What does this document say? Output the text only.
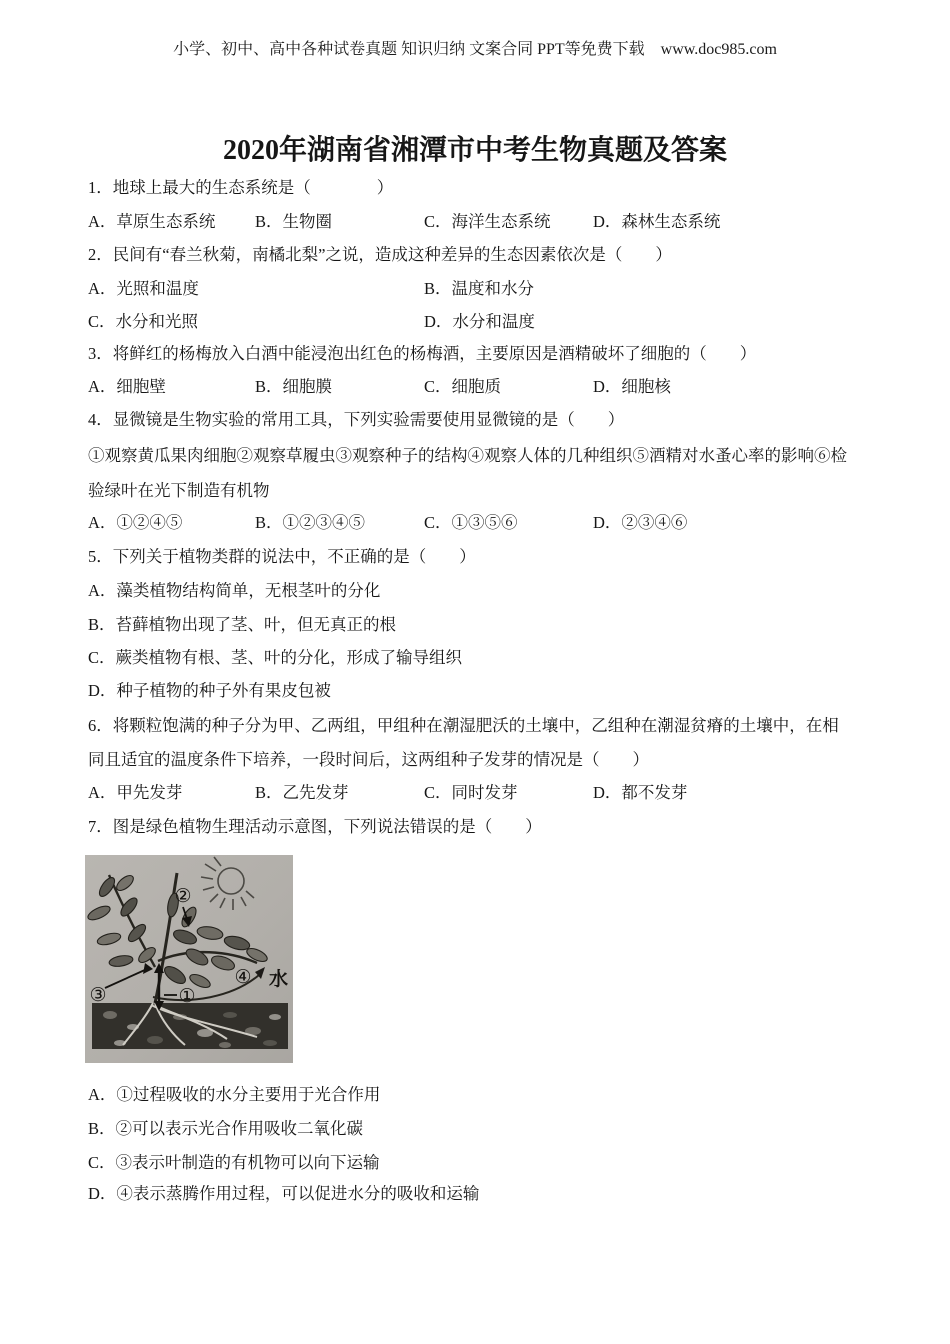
小学、初中、高中各种试卷真题 知识归纳 文案合同 PPT等免费下载　www.doc985.com
2020年湖南省湘潭市中考生物真题及答案
1．地球上最大的生态系统是（　　　　）
A．草原生态系统	B．生物圈	C．海洋生态系统	D．森林生态系统
2．民间有“春兰秋菊，南橘北梨”之说，造成这种差异的生态因素依次是（　　）
A．光照和温度	B．温度和水分
C．水分和光照	D．水分和温度
3．将鲜红的杨梅放入白酒中能浸泡出红色的杨梅酒，主要原因是酒精破坏了细胞的（　　）
A．细胞壁	B．细胞膜	C．细胞质	D．细胞核
4．显微镜是生物实验的常用工具，下列实验需要使用显微镜的是（　　）
①观察黄瓜果肉细胞②观察草履虫③观察种子的结构④观察人体的几种组织⑤酒精对水蚤心率的影响⑥检
验绿叶在光下制造有机物
A．①②④⑤	B．①②③④⑤	C．①③⑤⑥	D．②③④⑥
5．下列关于植物类群的说法中，不正确的是（　　）
A．藻类植物结构简单，无根茎叶的分化
B．苔藓植物出现了茎、叶，但无真正的根
C．蕨类植物有根、茎、叶的分化，形成了输导组织
D．种子植物的种子外有果皮包被
6．将颗粒饱满的种子分为甲、乙两组，甲组种在潮湿肥沃的土壤中，乙组种在潮湿贫瘠的土壤中，在相
同且适宜的温度条件下培养，一段时间后，这两组种子发芽的情况是（　　）
A．甲先发芽	B．乙先发芽	C．同时发芽	D．都不发芽
7．图是绿色植物生理活动示意图，下列说法错误的是（　　）
②
③	①
④ 水
A．①过程吸收的水分主要用于光合作用
B．②可以表示光合作用吸收二氧化碳
C．③表示叶制造的有机物可以向下运输
D．④表示蒸腾作用过程，可以促进水分的吸收和运输
